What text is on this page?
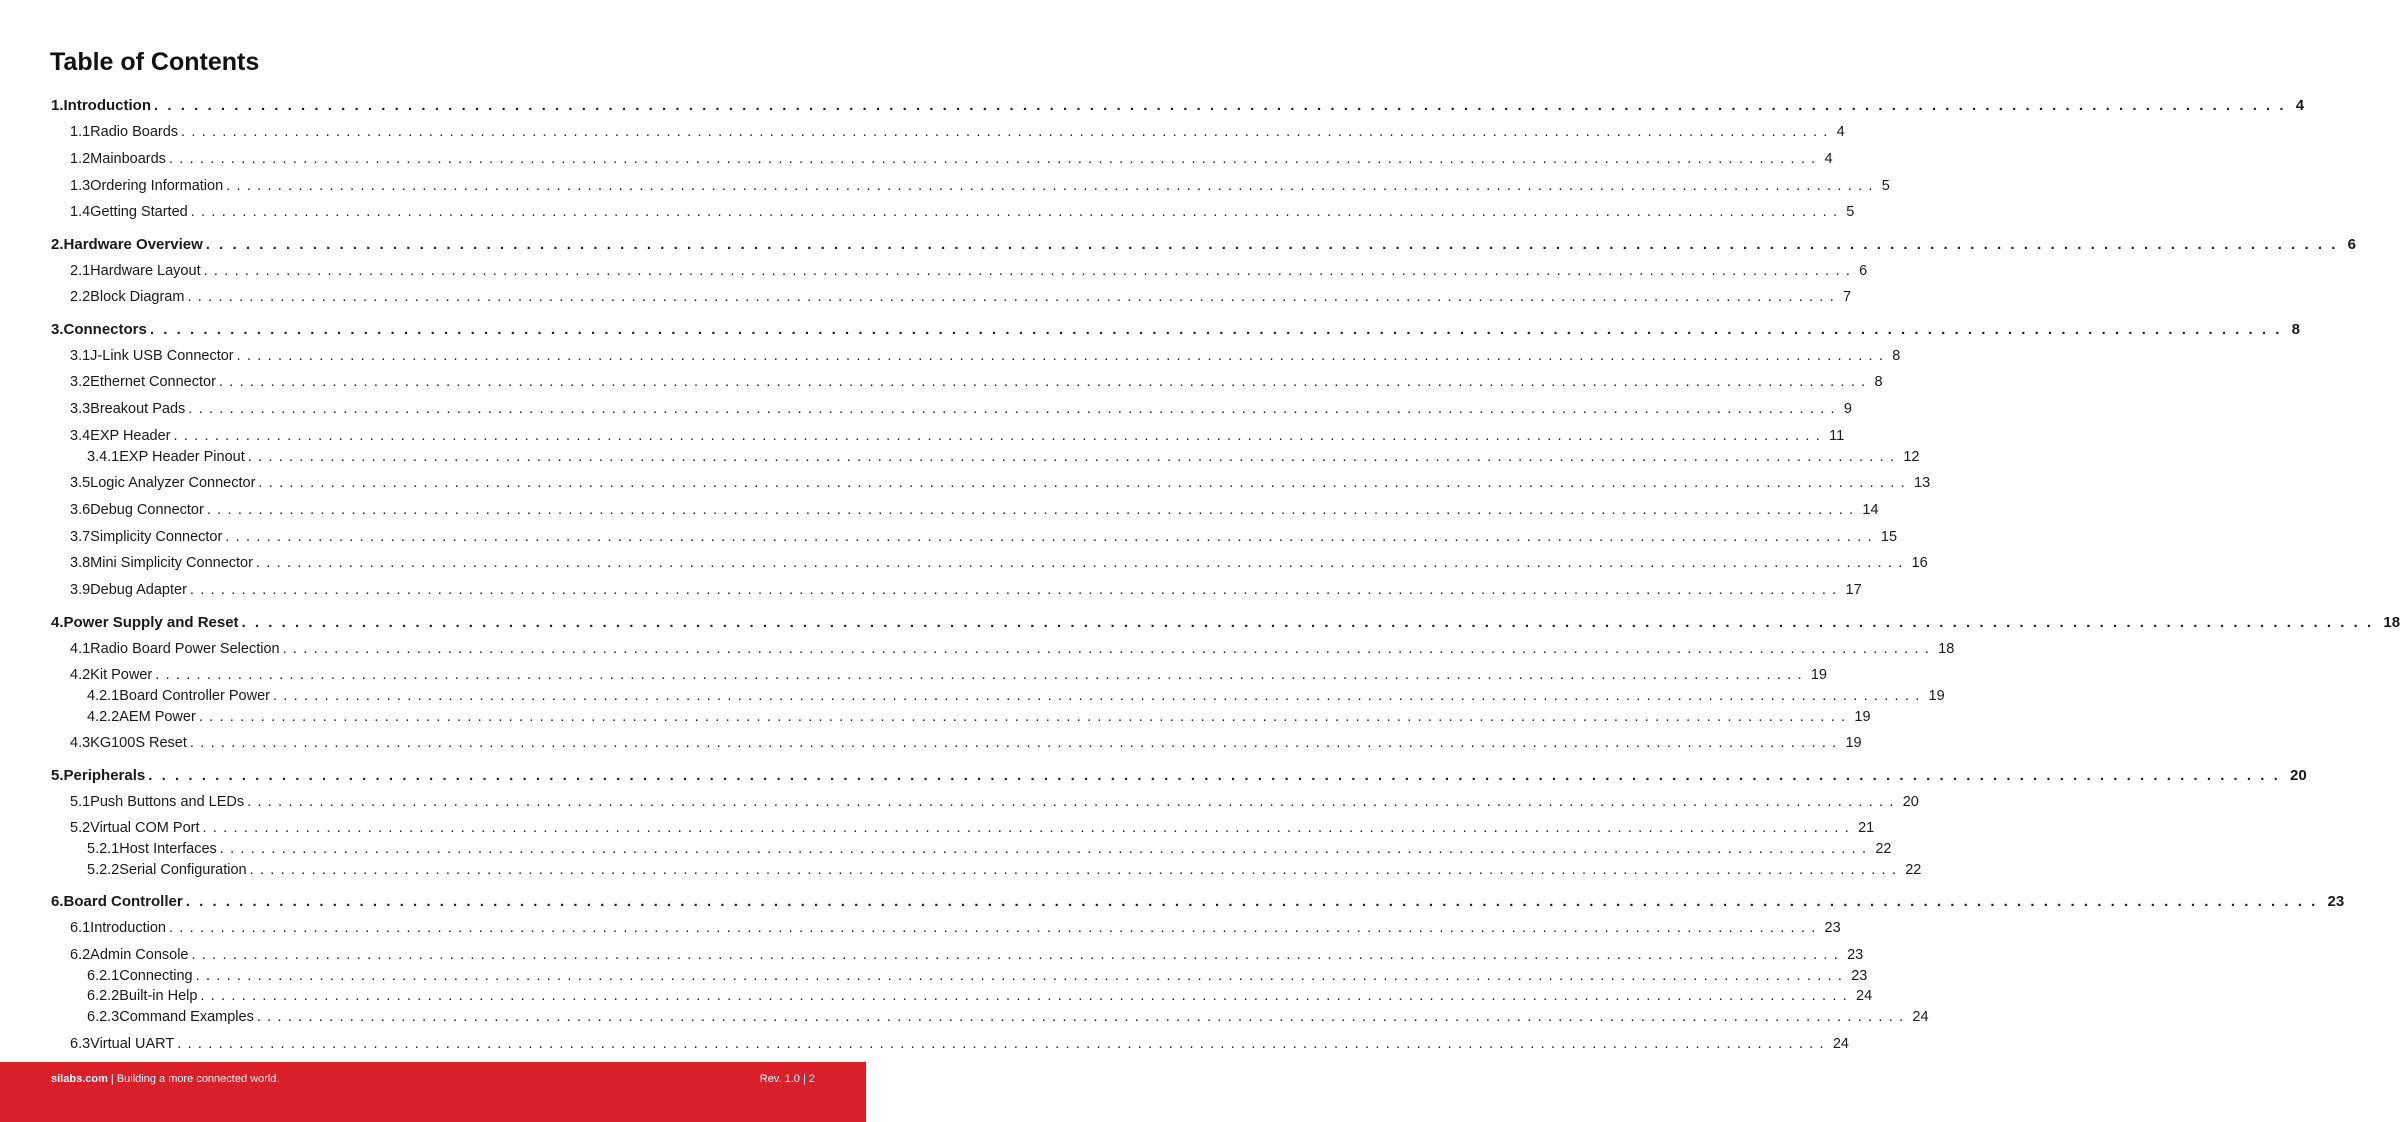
Table of Contents
1. Introduction ................................................................................................................................................................ 4
1.1 Radio Boards ................................................................................................................................................................ 4
1.2 Mainboards ................................................................................................................................................................ 4
1.3 Ordering Information ................................................................................................................................................................ 5
1.4 Getting Started ................................................................................................................................................................ 5
2. Hardware Overview ................................................................................................................................................................ 6
2.1 Hardware Layout ................................................................................................................................................................ 6
2.2 Block Diagram ................................................................................................................................................................ 7
3. Connectors ................................................................................................................................................................ 8
3.1 J-Link USB Connector ................................................................................................................................................................ 8
3.2 Ethernet Connector ................................................................................................................................................................ 8
3.3 Breakout Pads ................................................................................................................................................................ 9
3.4 EXP Header ................................................................................................................................................................ 11
3.4.1 EXP Header Pinout ................................................................................................................................................................ 12
3.5 Logic Analyzer Connector ................................................................................................................................................................ 13
3.6 Debug Connector ................................................................................................................................................................ 14
3.7 Simplicity Connector ................................................................................................................................................................ 15
3.8 Mini Simplicity Connector ................................................................................................................................................................ 16
3.9 Debug Adapter ................................................................................................................................................................ 17
4. Power Supply and Reset ................................................................................................................................................................ 18
4.1 Radio Board Power Selection ................................................................................................................................................................ 18
4.2 Kit Power ................................................................................................................................................................ 19
4.2.1 Board Controller Power ................................................................................................................................................................ 19
4.2.2 AEM Power ................................................................................................................................................................ 19
4.3 KG100S Reset ................................................................................................................................................................ 19
5. Peripherals ................................................................................................................................................................ 20
5.1 Push Buttons and LEDs ................................................................................................................................................................ 20
5.2 Virtual COM Port ................................................................................................................................................................ 21
5.2.1 Host Interfaces ................................................................................................................................................................ 22
5.2.2 Serial Configuration ................................................................................................................................................................ 22
6. Board Controller ................................................................................................................................................................ 23
6.1 Introduction ................................................................................................................................................................ 23
6.2 Admin Console ................................................................................................................................................................ 23
6.2.1 Connecting ................................................................................................................................................................ 23
6.2.2 Built-in Help ................................................................................................................................................................ 24
6.2.3 Command Examples ................................................................................................................................................................ 24
6.3 Virtual UART ................................................................................................................................................................ 24
silabs.com | Building a more connected world.	Rev. 1.0 | 2
